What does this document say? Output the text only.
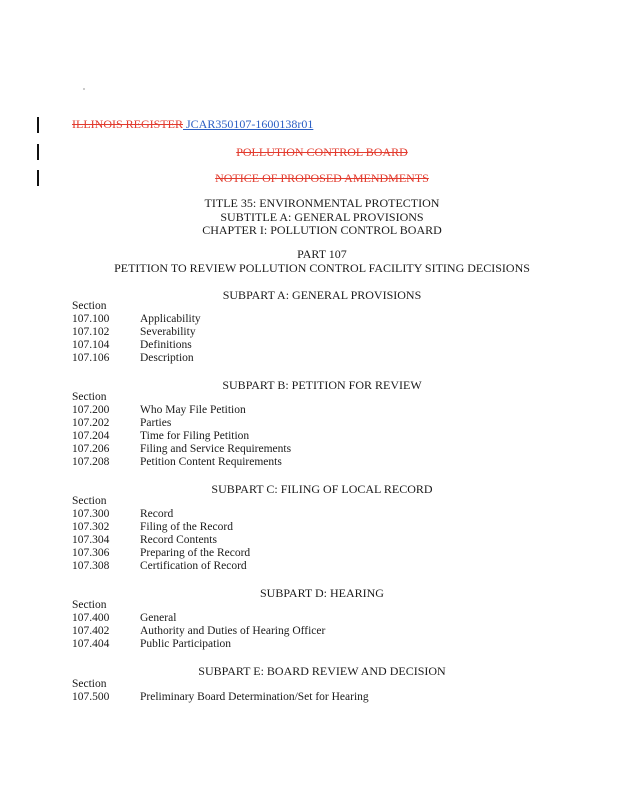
ILLINOIS REGISTER JCAR350107-1600138r01
POLLUTION CONTROL BOARD
NOTICE OF PROPOSED AMENDMENTS
TITLE 35: ENVIRONMENTAL PROTECTION
SUBTITLE A: GENERAL PROVISIONS
CHAPTER I: POLLUTION CONTROL BOARD
PART 107
PETITION TO REVIEW POLLUTION CONTROL FACILITY SITING DECISIONS
SUBPART A: GENERAL PROVISIONS
Section
107.100	Applicability
107.102	Severability
107.104	Definitions
107.106	Description
SUBPART B: PETITION FOR REVIEW
Section
107.200	Who May File Petition
107.202	Parties
107.204	Time for Filing Petition
107.206	Filing and Service Requirements
107.208	Petition Content Requirements
SUBPART C: FILING OF LOCAL RECORD
Section
107.300	Record
107.302	Filing of the Record
107.304	Record Contents
107.306	Preparing of the Record
107.308	Certification of Record
SUBPART D: HEARING
Section
107.400	General
107.402	Authority and Duties of Hearing Officer
107.404	Public Participation
SUBPART E: BOARD REVIEW AND DECISION
Section
107.500	Preliminary Board Determination/Set for Hearing
